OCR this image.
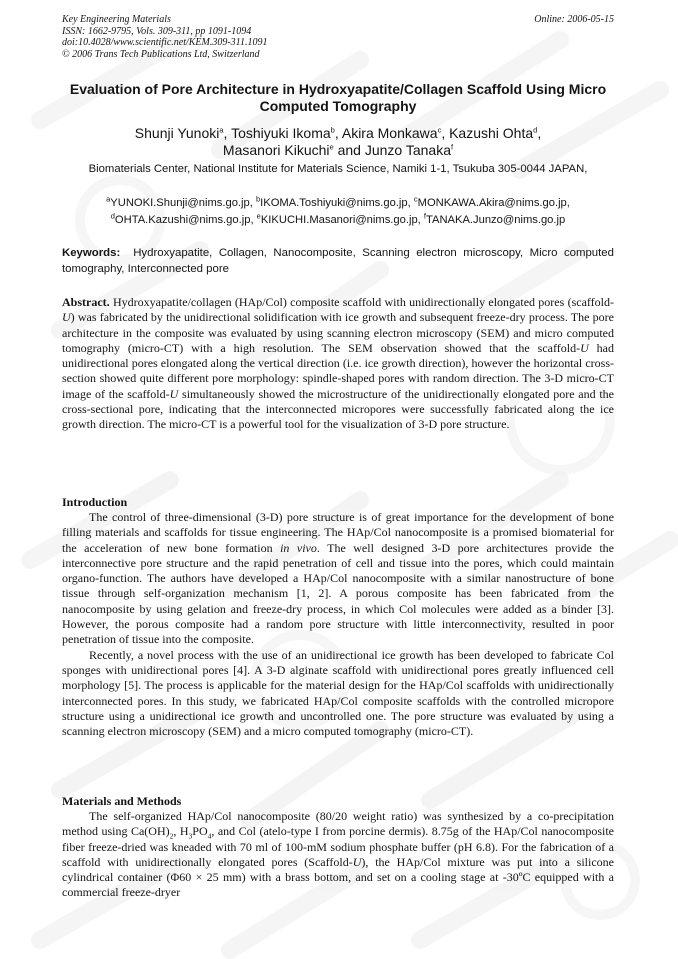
Key Engineering Materials
ISSN: 1662-9795, Vols. 309-311, pp 1091-1094
doi:10.4028/www.scientific.net/KEM.309-311.1091
© 2006 Trans Tech Publications Ltd, Switzerland
Online: 2006-05-15
Evaluation of Pore Architecture in Hydroxyapatite/Collagen Scaffold Using Micro Computed Tomography
Shunji Yunoki$^a$, Toshiyuki Ikoma$^b$, Akira Monkawa$^c$, Kazushi Ohta$^d$,
Masanori Kikuchi$^e$ and Junzo Tanaka$^f$
Biomaterials Center, National Institute for Materials Science, Namiki 1-1, Tsukuba 305-0044 JAPAN,
$^a$YUNOKI.Shunji@nims.go.jp, $^b$IKOMA.Toshiyuki@nims.go.jp, $^c$MONKAWA.Akira@nims.go.jp,
$^d$OHTA.Kazushi@nims.go.jp, $^e$KIKUCHI.Masanori@nims.go.jp, $^f$TANAKA.Junzo@nims.go.jp
Keywords: Hydroxyapatite, Collagen, Nanocomposite, Scanning electron microscopy, Micro computed tomography, Interconnected pore
Abstract. Hydroxyapatite/collagen (HAp/Col) composite scaffold with unidirectionally elongated pores (scaffold-U) was fabricated by the unidirectional solidification with ice growth and subsequent freeze-dry process. The pore architecture in the composite was evaluated by using scanning electron microscopy (SEM) and micro computed tomography (micro-CT) with a high resolution. The SEM observation showed that the scaffold-U had unidirectional pores elongated along the vertical direction (i.e. ice growth direction), however the horizontal cross-section showed quite different pore morphology: spindle-shaped pores with random direction. The 3-D micro-CT image of the scaffold-U simultaneously showed the microstructure of the unidirectionally elongated pore and the cross-sectional pore, indicating that the interconnected micropores were successfully fabricated along the ice growth direction. The micro-CT is a powerful tool for the visualization of 3-D pore structure.
Introduction

The control of three-dimensional (3-D) pore structure is of great importance for the development of bone filling materials and scaffolds for tissue engineering. The HAp/Col nanocomposite is a promised biomaterial for the acceleration of new bone formation in vivo. The well designed 3-D pore architectures provide the interconnective pore structure and the rapid penetration of cell and tissue into the pores, which could maintain organo-function. The authors have developed a HAp/Col nanocomposite with a similar nanostructure of bone tissue through self-organization mechanism [1, 2]. A porous composite has been fabricated from the nanocomposite by using gelation and freeze-dry process, in which Col molecules were added as a binder [3]. However, the porous composite had a random pore structure with little interconnectivity, resulted in poor penetration of tissue into the composite.

Recently, a novel process with the use of an unidirectional ice growth has been developed to fabricate Col sponges with unidirectional pores [4]. A 3-D alginate scaffold with unidirectional pores greatly influenced cell morphology [5]. The process is applicable for the material design for the HAp/Col scaffolds with unidirectionally interconnected pores. In this study, we fabricated HAp/Col composite scaffolds with the controlled micropore structure using a unidirectional ice growth and uncontrolled one. The pore structure was evaluated by using a scanning electron microscopy (SEM) and a micro computed tomography (micro-CT).

Materials and Methods

The self-organized HAp/Col nanocomposite (80/20 weight ratio) was synthesized by a co-precipitation method using $Ca(OH)_2$, $H_3PO_4$, and Col (atelo-type I from porcine dermis). 8.75g of the HAp/Col nanocomposite fiber freeze-dried was kneaded with 70 ml of 100-mM sodium phosphate buffer (pH 6.8). For the fabrication of a scaffold with unidirectionally elongated pores (Scaffold-U), the HAp/Col mixture was put into a silicone cylindrical container (Φ60 × 25 mm) with a brass bottom, and set on a cooling stage at -30ºC equipped with a commercial freeze-dryer
